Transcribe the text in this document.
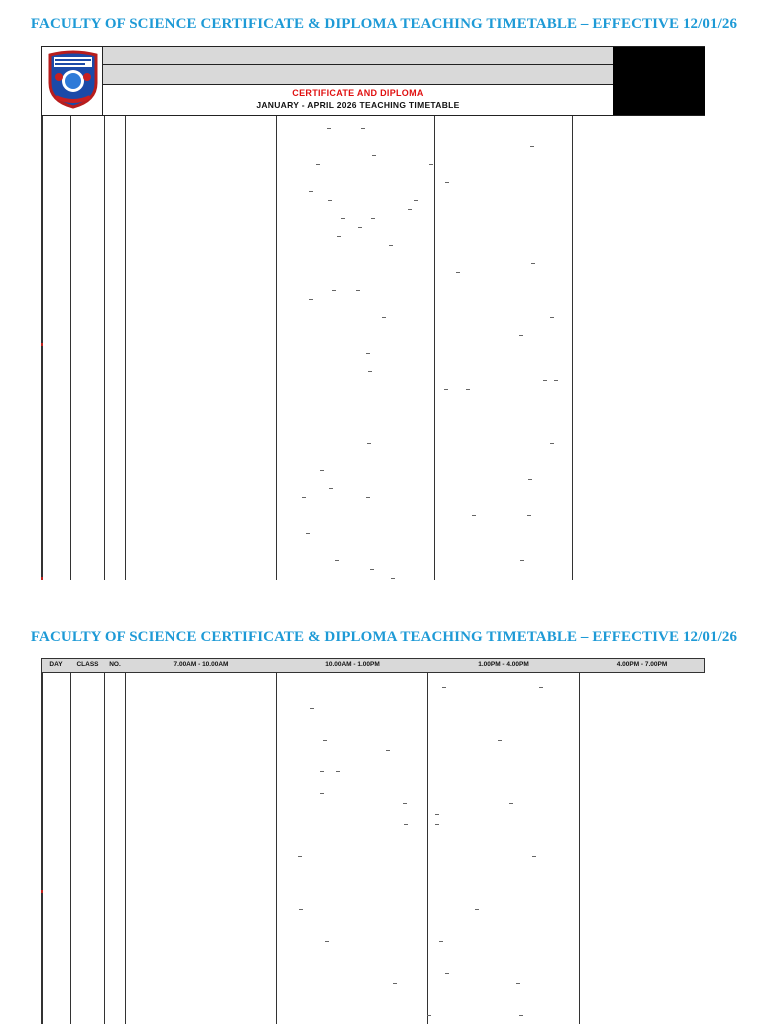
FACULTY OF SCIENCE CERTIFICATE & DIPLOMA TEACHING TIMETABLE – EFFECTIVE 12/01/26
CERTIFICATE AND DIPLOMA
JANUARY - APRIL 2026 TEACHING TIMETABLE
FACULTY OF SCIENCE CERTIFICATE & DIPLOMA TEACHING TIMETABLE – EFFECTIVE 12/01/26
DAY	CLASS	NO.	7.00AM - 10.00AM	10.00AM - 1.00PM	1.00PM - 4.00PM	4.00PM - 7.00PM
